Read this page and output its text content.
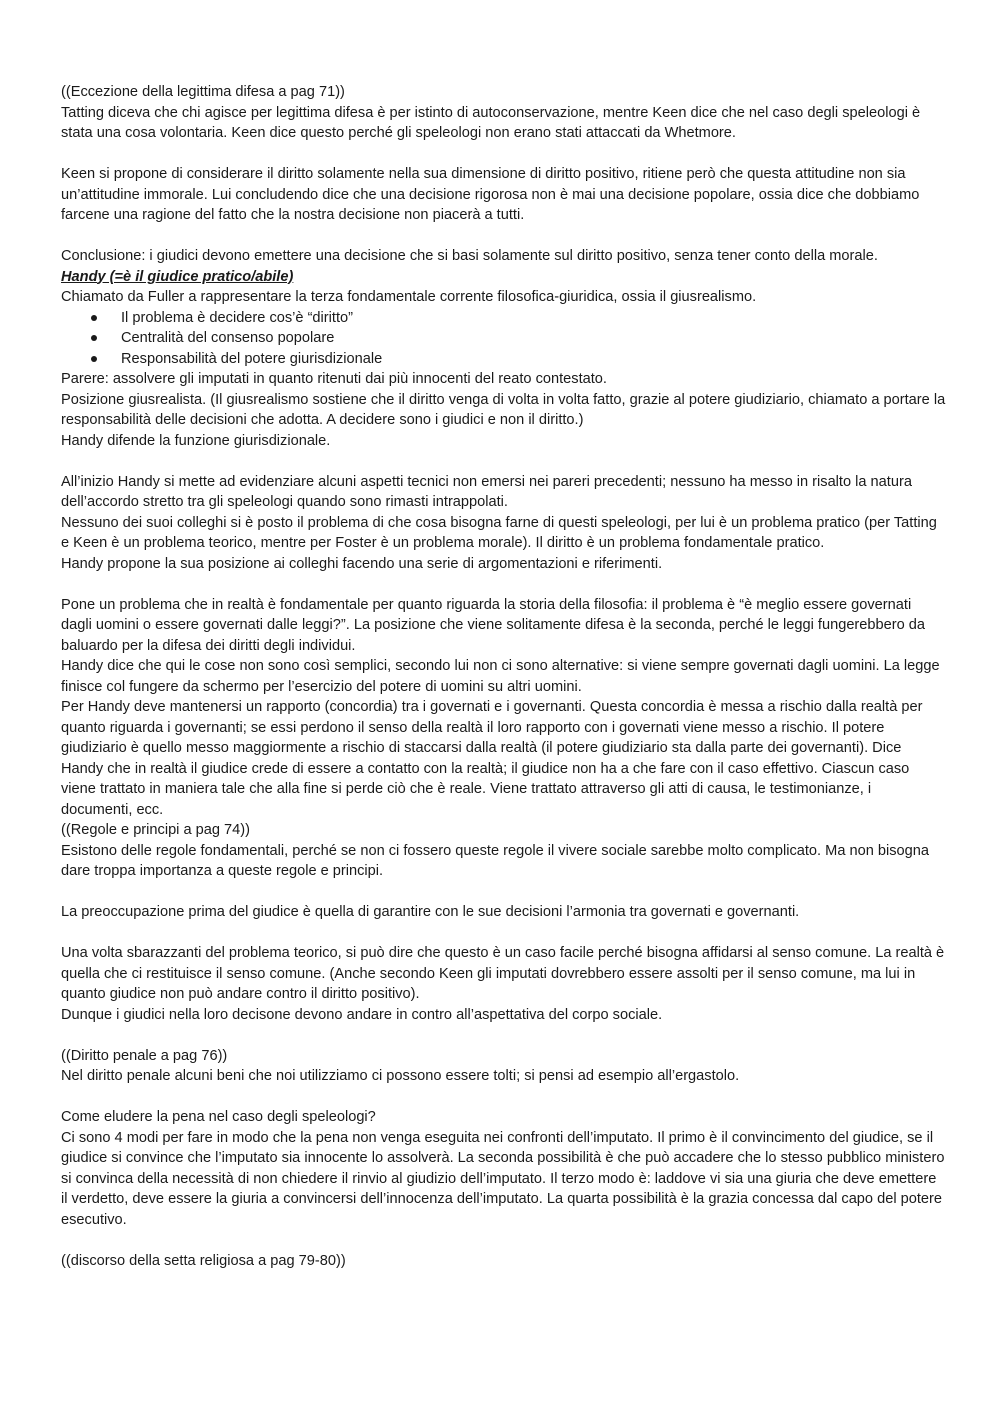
((Eccezione della legittima difesa a pag 71))

Tatting diceva che chi agisce per legittima difesa è per istinto di autoconservazione, mentre Keen dice che nel caso degli speleologi è stata una cosa volontaria. Keen dice questo perché gli speleologi non erano stati attaccati da Whetmore.

Keen si propone di considerare il diritto solamente nella sua dimensione di diritto positivo, ritiene però che questa attitudine non sia un’attitudine immorale. Lui concludendo dice che una decisione rigorosa non è mai una decisione popolare, ossia dice che dobbiamo farcene una ragione del fatto che la nostra decisione non piacerà a tutti.

Conclusione: i giudici devono emettere una decisione che si basi solamente sul diritto positivo, senza tener conto della morale.

Handy (=è il giudice pratico/abile)

Chiamato da Fuller a rappresentare la terza fondamentale corrente filosofica-giuridica, ossia il giusrealismo.

Il problema è decidere cos’è “diritto”
Centralità del consenso popolare
Responsabilità del potere giurisdizionale

Parere: assolvere gli imputati in quanto ritenuti dai più innocenti del reato contestato.

Posizione giusrealista. (Il giusrealismo sostiene che il diritto venga di volta in volta fatto, grazie al potere giudiziario, chiamato a portare la responsabilità delle decisioni che adotta. A decidere sono i giudici e non il diritto.)

Handy difende la funzione giurisdizionale.

All’inizio Handy si mette ad evidenziare alcuni aspetti tecnici non emersi nei pareri precedenti; nessuno ha messo in risalto la natura dell’accordo stretto tra gli speleologi quando sono rimasti intrappolati.

Nessuno dei suoi colleghi si è posto il problema di che cosa bisogna farne di questi speleologi, per lui è un problema pratico (per Tatting e Keen è un problema teorico, mentre per Foster è un problema morale). Il diritto è un problema fondamentale pratico.

Handy propone la sua posizione ai colleghi facendo una serie di argomentazioni e riferimenti.

Pone un problema che in realtà è fondamentale per quanto riguarda la storia della filosofia: il problema è “è meglio essere governati dagli uomini o essere governati dalle leggi?”. La posizione che viene solitamente difesa è la seconda, perché le leggi fungerebbero da baluardo per la difesa dei diritti degli individui.

Handy dice che qui le cose non sono così semplici, secondo lui non ci sono alternative: si viene sempre governati dagli uomini. La legge finisce col fungere da schermo per l’esercizio del potere di uomini su altri uomini.

Per Handy deve mantenersi un rapporto (concordia) tra i governati e i governanti. Questa concordia è messa a rischio dalla realtà per quanto riguarda i governanti; se essi perdono il senso della realtà il loro rapporto con i governati viene messo a rischio. Il potere giudiziario è quello messo maggiormente a rischio di staccarsi dalla realtà (il potere giudiziario sta dalla parte dei governanti). Dice Handy che in realtà il giudice crede di essere a contatto con la realtà; il giudice non ha a che fare con il caso effettivo. Ciascun caso viene trattato in maniera tale che alla fine si perde ciò che è reale. Viene trattato attraverso gli atti di causa, le testimonianze, i documenti, ecc.

((Regole e principi a pag 74))

Esistono delle regole fondamentali, perché se non ci fossero queste regole il vivere sociale sarebbe molto complicato. Ma non bisogna dare troppa importanza a queste regole e principi.

La preoccupazione prima del giudice è quella di garantire con le sue decisioni l’armonia tra governati e governanti.

Una volta sbarazzanti del problema teorico, si può dire che questo è un caso facile perché bisogna affidarsi al senso comune. La realtà è quella che ci restituisce il senso comune. (Anche secondo Keen gli imputati dovrebbero essere assolti per il senso comune, ma lui in quanto giudice non può andare contro il diritto positivo).

Dunque i giudici nella loro decisone devono andare in contro all’aspettativa del corpo sociale.

((Diritto penale a pag 76))

Nel diritto penale alcuni beni che noi utilizziamo ci possono essere tolti; si pensi ad esempio all’ergastolo.

Come eludere la pena nel caso degli speleologi?

Ci sono 4 modi per fare in modo che la pena non venga eseguita nei confronti dell’imputato. Il primo è il convincimento del giudice, se il giudice si convince che l’imputato sia innocente lo assolverà. La seconda possibilità è che può accadere che lo stesso pubblico ministero si convinca della necessità di non chiedere il rinvio al giudizio dell’imputato. Il terzo modo è: laddove vi sia una giuria che deve emettere il verdetto, deve essere la giuria a convincersi dell’innocenza dell’imputato. La quarta possibilità è la grazia concessa dal capo del potere esecutivo.

((discorso della setta religiosa a pag 79-80))
